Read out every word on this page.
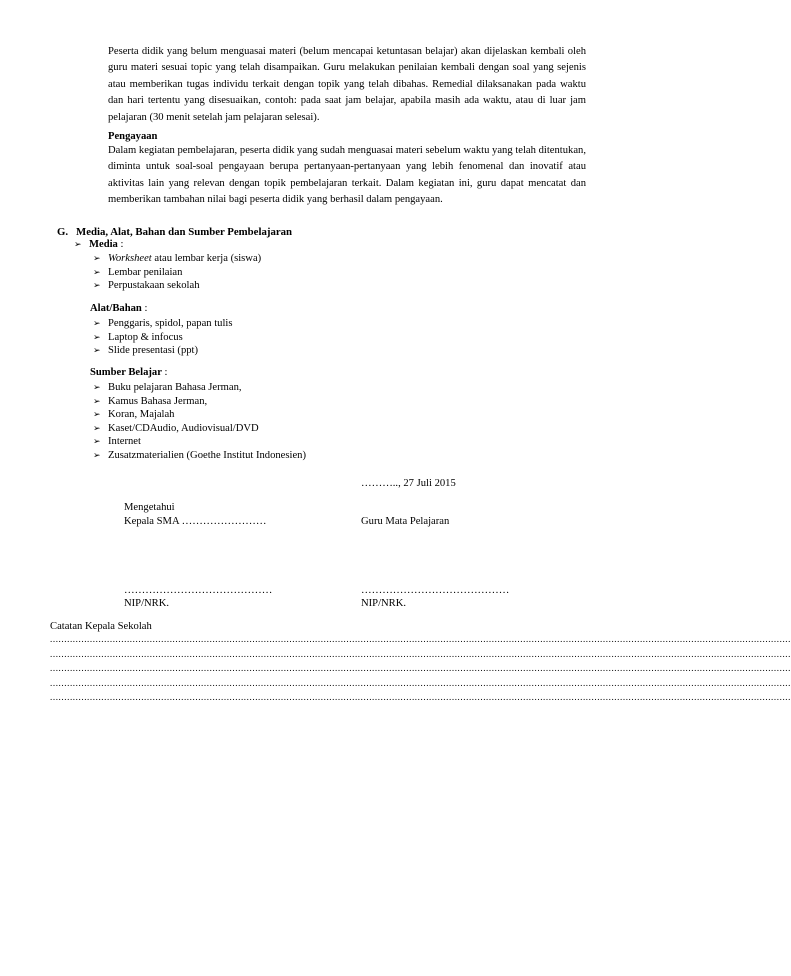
Peserta didik yang belum menguasai materi (belum mencapai ketuntasan belajar) akan dijelaskan kembali oleh guru materi sesuai topic yang telah disampaikan. Guru melakukan penilaian kembali dengan soal yang sejenis atau memberikan tugas individu terkait dengan topik yang telah dibahas. Remedial dilaksanakan pada waktu dan hari tertentu yang disesuaikan, contoh: pada saat jam belajar, apabila masih ada waktu, atau di luar jam pelajaran (30 menit setelah jam pelajaran selesai).

Pengayaan

Dalam kegiatan pembelajaran, peserta didik yang sudah menguasai materi sebelum waktu yang telah ditentukan, diminta untuk soal-soal pengayaan berupa pertanyaan-pertanyaan yang lebih fenomenal dan inovatif atau aktivitas lain yang relevan dengan topik pembelajaran terkait. Dalam kegiatan ini, guru dapat mencatat dan memberikan tambahan nilai bagi peserta didik yang berhasil dalam pengayaan.

G. Media, Alat, Bahan dan Sumber Pembelajaran
➢ Media :
➢ Worksheet atau lembar kerja (siswa)
➢ Lembar penilaian
➢ Perpustakaan sekolah
Alat/Bahan :
➢ Penggaris, spidol, papan tulis
➢ Laptop & infocus
➢ Slide presentasi (ppt)
Sumber Belajar :
➢ Buku pelajaran Bahasa Jerman,
➢ Kamus Bahasa Jerman,
➢ Koran, Majalah
➢ Kaset/CDAudio, Audiovisual/DVD
➢ Internet
➢ Zusatzmaterialien (Goethe Institut Indonesien)
……….., 27 Juli 2015
Mengetahui
Kepala SMA ……………………	Guru Mata Pelajaran
……………………………………	……………………………………
NIP/NRK.	NIP/NRK.
Catatan Kepala Sekolah
....................................................................................................................................................................................................................................................................
....................................................................................................................................................................................................................................................................
....................................................................................................................................................................................................................................................................
....................................................................................................................................................................................................................................................................
....................................................................................................................................................................................................................................................................
